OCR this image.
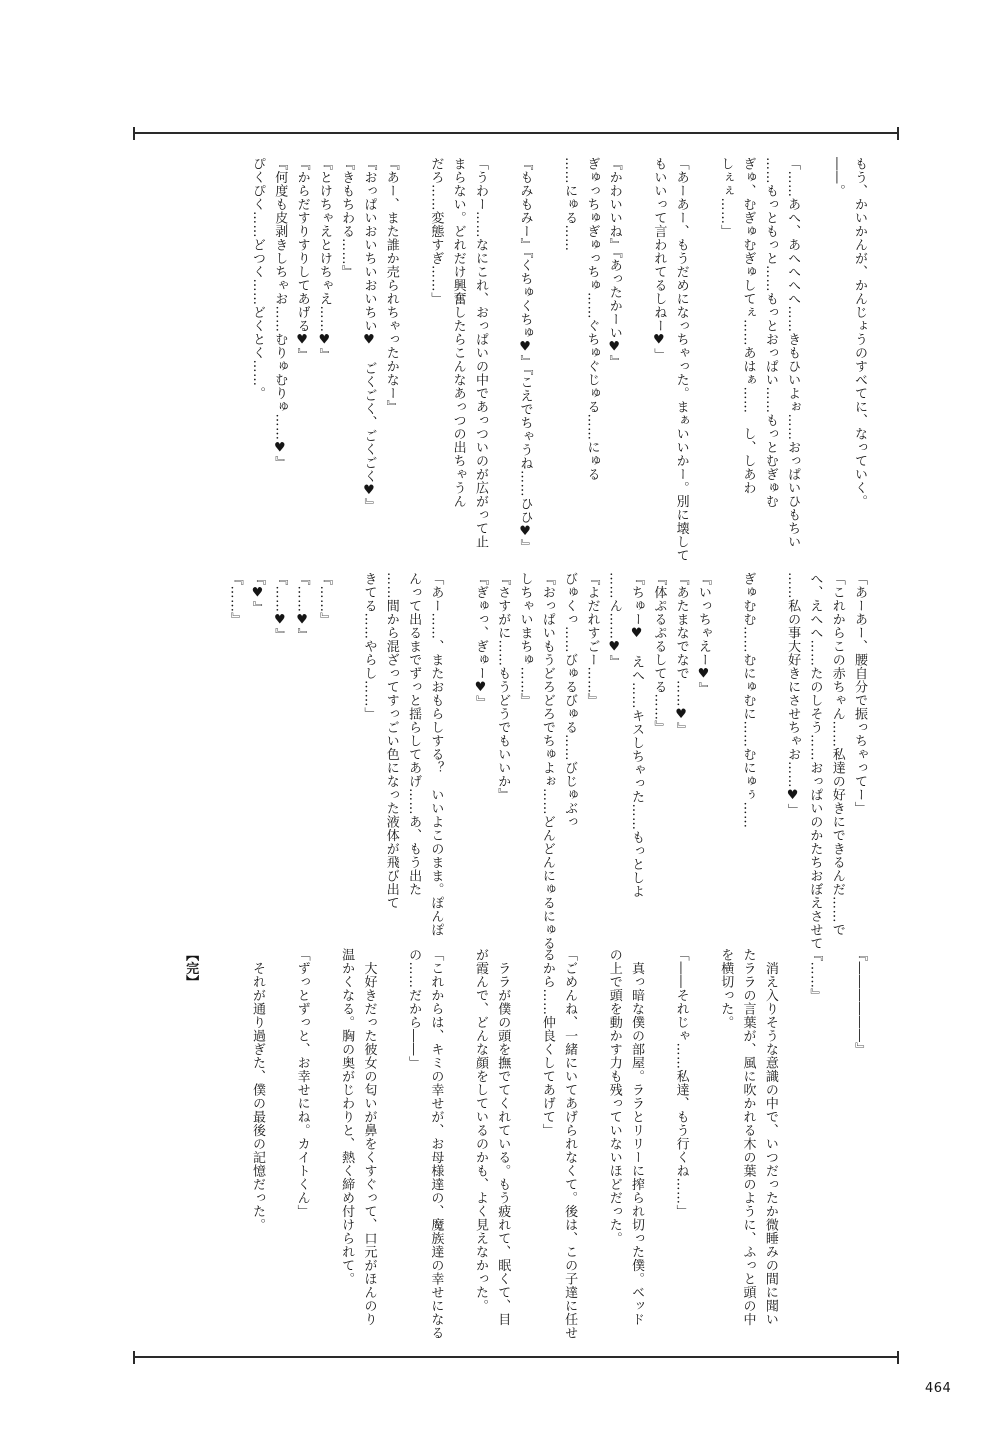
もう、かいかんが、かんじょうのすべてに、なっていく。
――。

「……あへ、あへへへへ……きもひいよぉ……おっぱいひもちい
……もっともっと……もっとおっぱい……もっとむぎゅむ
ぎゅ、むぎゅむぎゅしてぇ……あはぁ……　し、しあわ
しぇぇ……」

「あーあー、もうだめになっちゃった。まぁいいかー。別に壊して
もいいって言われてるしねー♥」

『かわいいね』『あったかーい♥』
ぎゅっちゅぎゅっちゅ……ぐちゅぐじゅる……にゅる
……にゅる……

『もみもみー』『くちゅくちゅ♥』『こえでちゃうね……ひひ♥』

「うわー……なにこれ、おっぱいの中であっついのが広がって止
まらない。どれだけ興奮したらこんなあっつの出ちゃうん
だろ……変態すぎ……」

『あー、また誰か売られちゃったかなー』
『おっぱいおいちいおいちい♥　ごくごく、ごくごく♥』
『きもちわる……』
『とけちゃえとけちゃえ……♥』
『からだすりすりしてあげる♥』
『何度も皮剥きしちゃお……むりゅむりゅ……♥』
ぴくぴく……どつく……どくとく……。
「あーあー、腰自分で振っちゃってー」
「これからこの赤ちゃん……私達の好きにできるんだ……で
へ、えへへ……たのしそう……おっぱいのかたちおぼえさせて
……私の事大好きにさせちゃお……♥」

ぎゅむむ……むにゅむに……むにゅぅ……

『いっちゃえー♥』
『あたまなでなで……♥』
『体ぷるぷるしてる……』
『ちゅー♥　えへ……キスしちゃった……もっとしよ
……ん……♥』
『よだれすごー……』
びゅくっ……びゅるびゅる……びじゅぶっ
『おっぱいもうどろどろでちゅよぉ……どんどんにゅるにゅる
しちゃいまちゅ……』
『さすがに……もうどうでもいいか』
『ぎゅっ、ぎゅー♥』

「あー……、またおもらしする？　いいよこのまま。ぽんぽ
んって出るまでずっと揺らしてあげ……あ、もう出た
……間から混ざってすっごい色になった液体が飛び出て
きてる……やらし……」

『……』
『……♥』
『……♥』
『♥』
『……』
『――――――』

『……』

　消え入りそうな意識の中で、いつだったか微睡みの間に聞い
たララの言葉が、風に吹かれる木の葉のように、ふっと頭の中
を横切った。

「――それじゃ……私達、もう行くね……」

　真っ暗な僕の部屋。ララとリリーに搾られ切った僕。ベッド
の上で頭を動かす力も残っていないほどだった。

「ごめんね、一緒にいてあげられなくて。後は、この子達に任せ
るから……仲良くしてあげて」

　ララが僕の頭を撫でてくれている。もう疲れて、眠くて、目
が霞んで、どんな顔をしているのかも、よく見えなかった。

「これからは、キミの幸せが、お母様達の、魔族達の幸せになる
の……だから――」

　大好きだった彼女の匂いが鼻をくすぐって、口元がほんのり
温かくなる。胸の奥がじわりと、熱く締め付けられて。

「ずっとずっと、お幸せにね。カイトくん」

　それが通り過ぎた、僕の最後の記憶だった。

【完】
464
